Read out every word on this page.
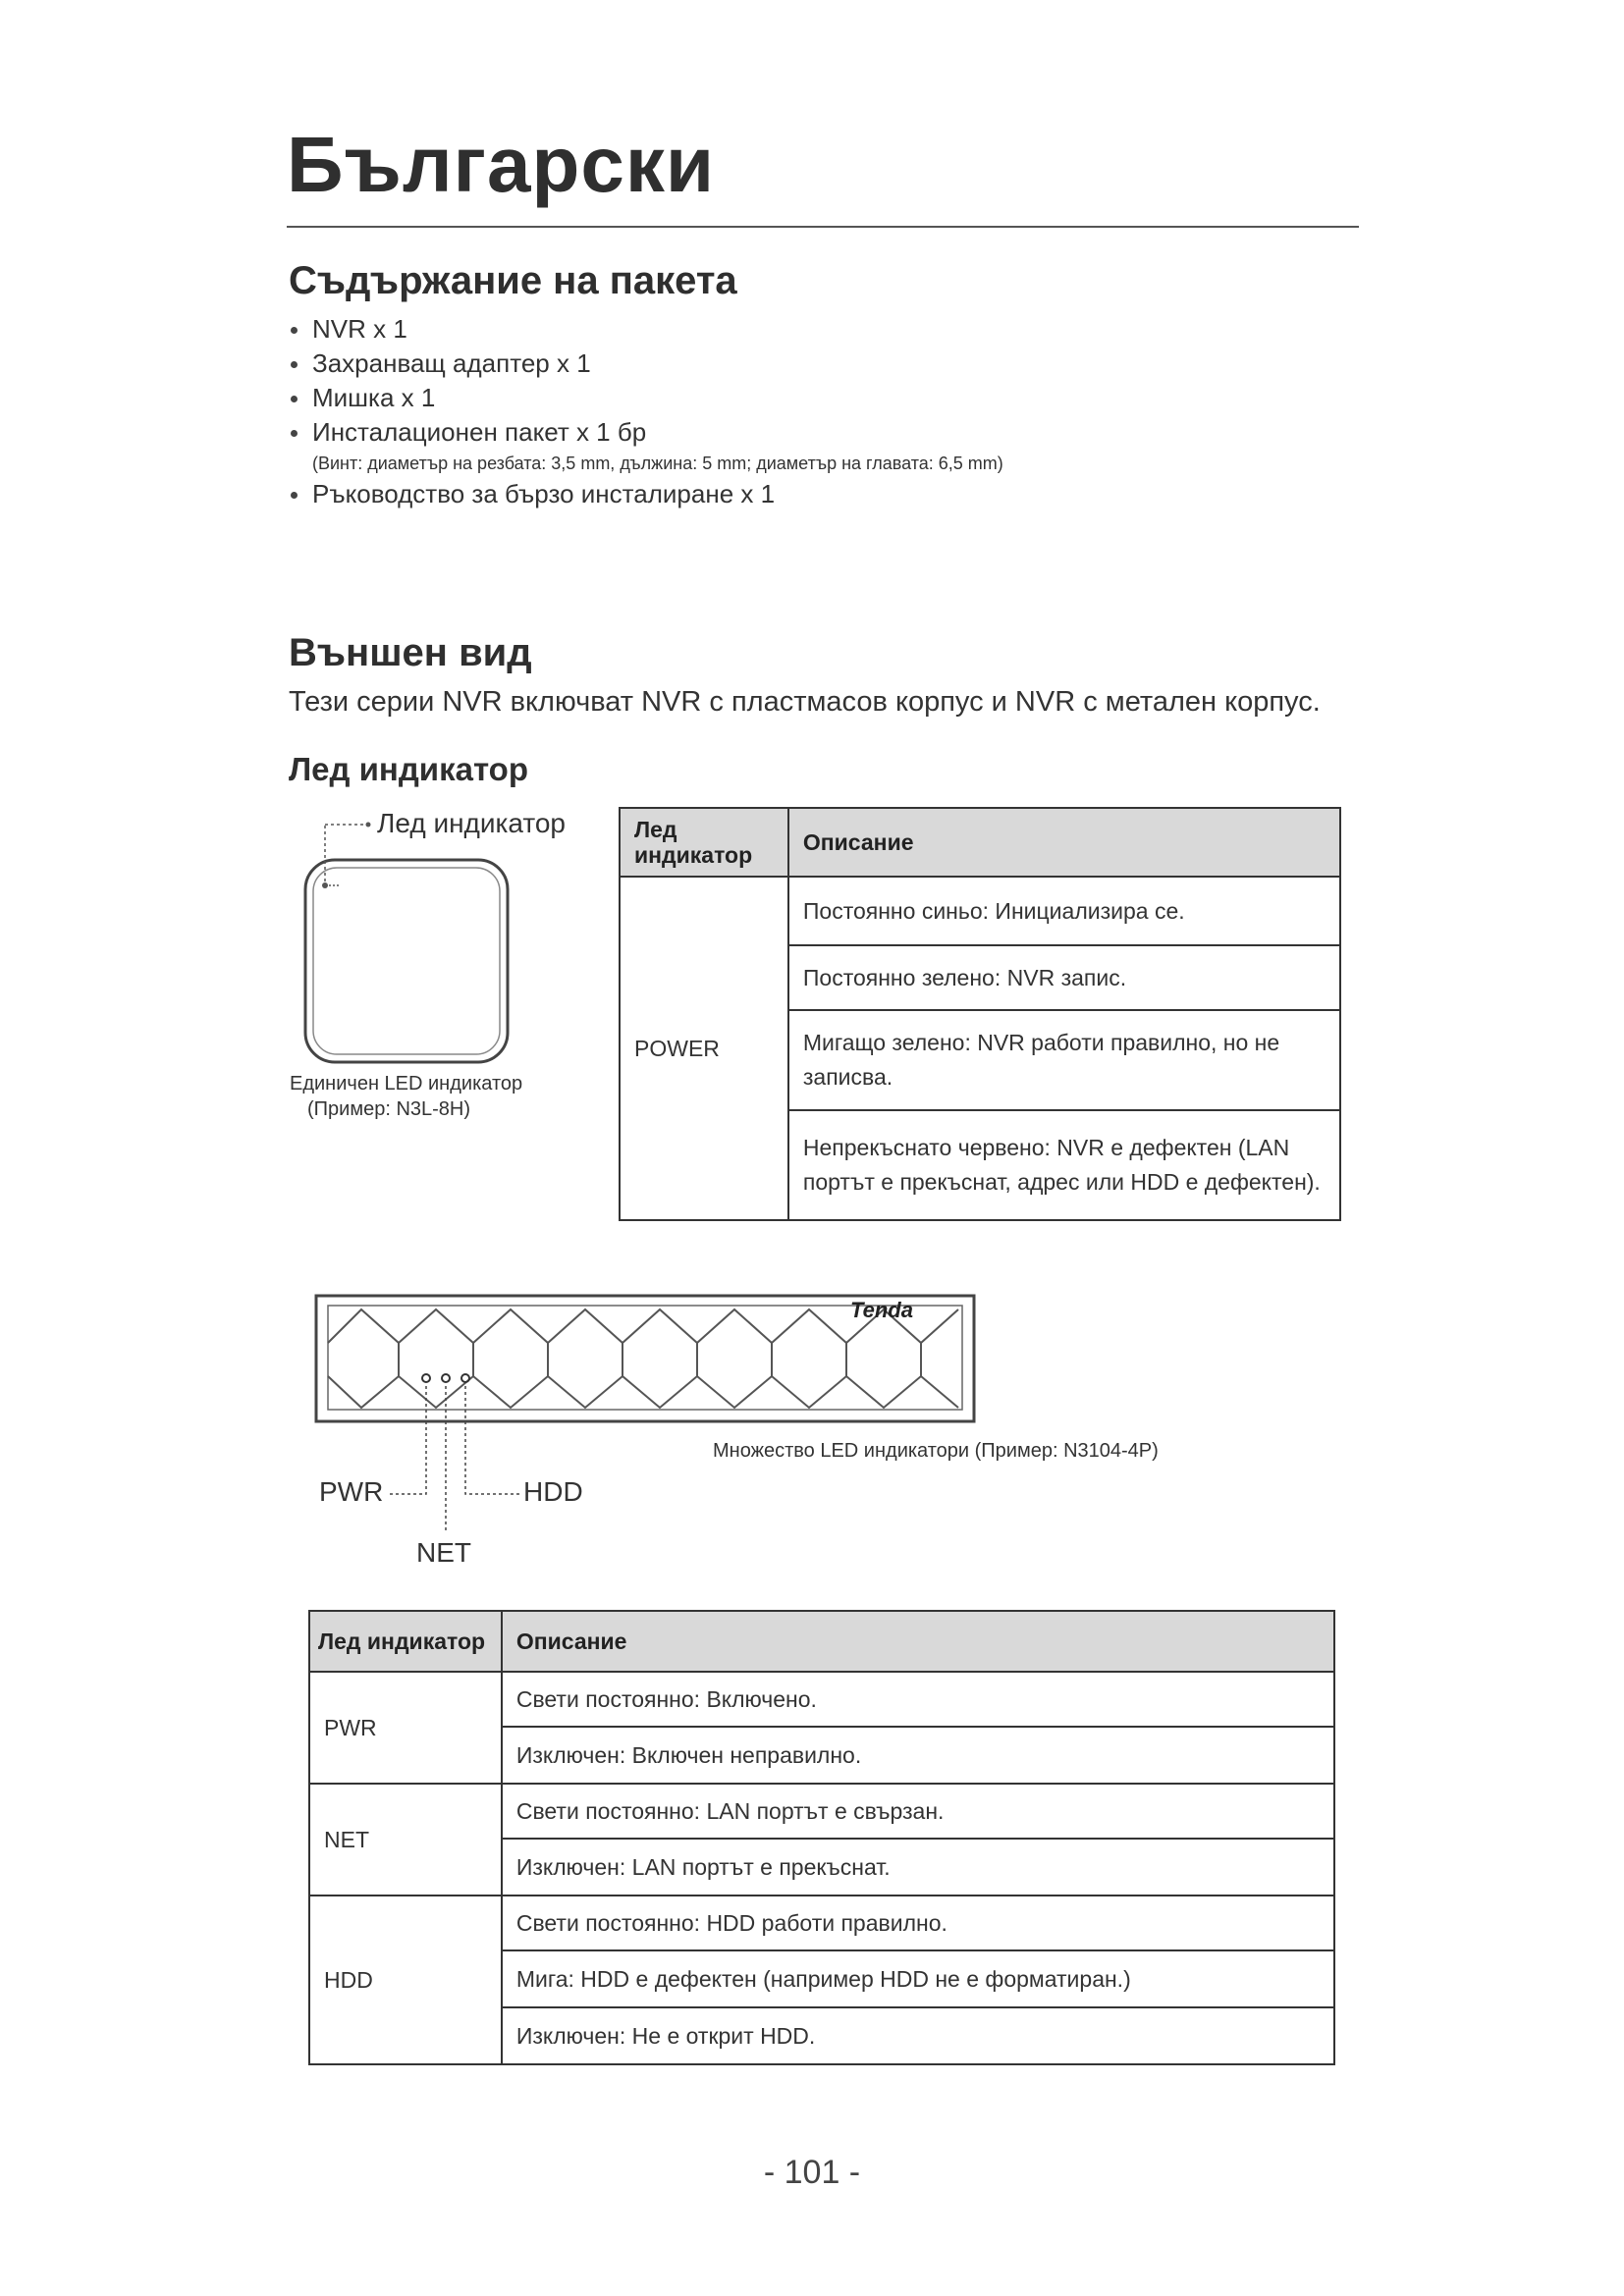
Български
Съдържание на пакета
NVR x 1
Захранващ адаптер x 1
Мишка x 1
Инсталационен пакет x 1 бр
(Винт: диаметър на резбата: 3,5 mm, дължина: 5 mm; диаметър на главата: 6,5 mm)
Ръководство за бързо инсталиране x 1
Външен вид
Тези серии NVR включват NVR с пластмасов корпус и NVR с метален корпус.
Лед индикатор
Лед индикатор
Единичен LED индикатор
(Пример: N3L-8H)
Лед индикатор	Описание
POWER	Постоянно синьо: Инициализира се.
	Постоянно зелено: NVR запис.
	Мигащо зелено: NVR работи правилно, но не записва.
	Непрекъснато червено: NVR е дефектен (LAN портът е прекъснат, адрес или HDD е дефектен).
Tenda
PWR	HDD
NET
Множество LED индикатори (Пример: N3104-4P)
Лед индикатор	Описание
PWR	Свети постоянно: Включено.
	Изключен: Включен неправилно.
NET	Свети постоянно: LAN портът е свързан.
	Изключен: LAN портът е прекъснат.
HDD	Свети постоянно: HDD работи правилно.
	Мига: HDD е дефектен (например HDD не е форматиран.)
	Изключен: Не е открит HDD.
- 101 -
